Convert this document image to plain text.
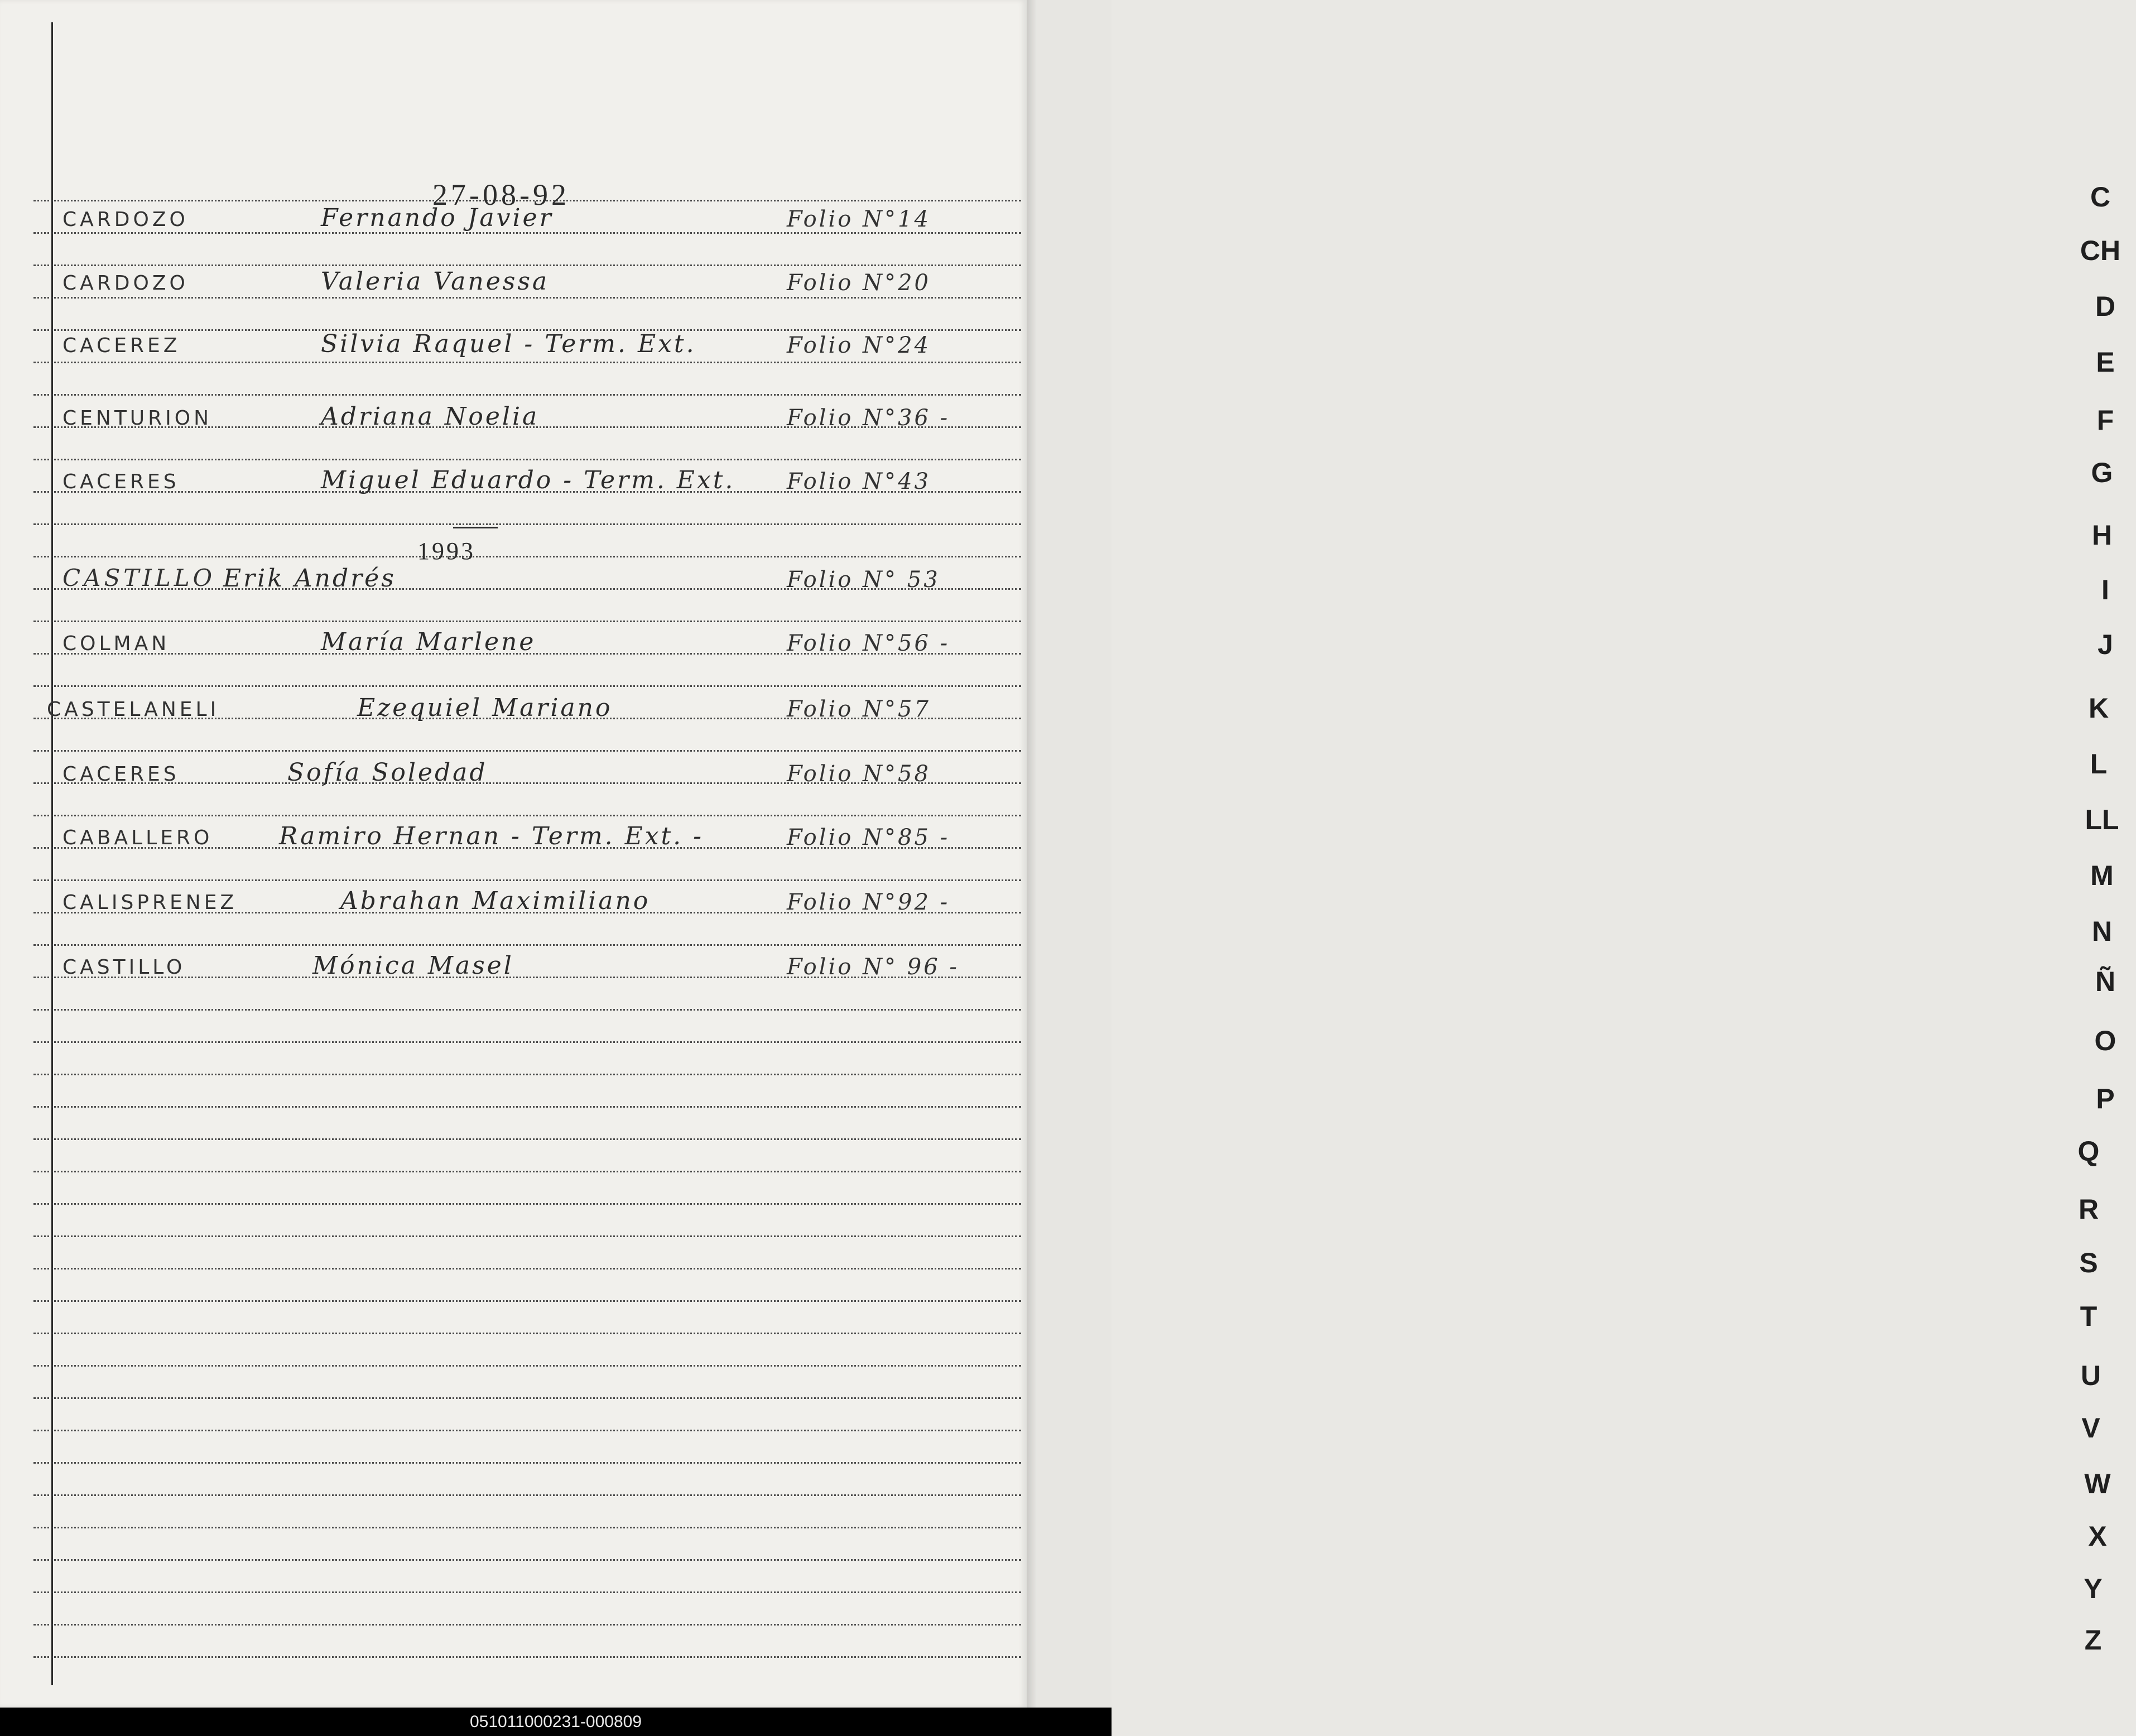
27-08-92
1993
CARDOZO	Fernando Javier	Folio N°14
CARDOZO	Valeria Vanessa	Folio N°20
CACEREZ	Silvia Raquel - Term. Ext.	Folio N°24
CENTURION	Adriana Noelia	Folio N°36 -
CACERES	Miguel Eduardo - Term. Ext. Folio N°43
CASTILLO Erik Andrés	Folio N° 53
COLMAN	María Marlene	Folio N°56 -
CASTELANELI	Ezequiel Mariano	Folio N°57
CACERES	Sofía Soledad	Folio N°58
CABALLERO	Ramiro Hernan - Term. Ext. -	Folio N°85 -
CALISPRENEZ	Abrahan Maximiliano	Folio N°92 -
CASTILLO	Mónica Masel	Folio N° 96 -
C
CH
D
E
F
G
H
I
J
K
L
LL
M
N
Ñ
O
P
Q
R
S
T
U
V
W
X
Y
Z
051011000231-000809
